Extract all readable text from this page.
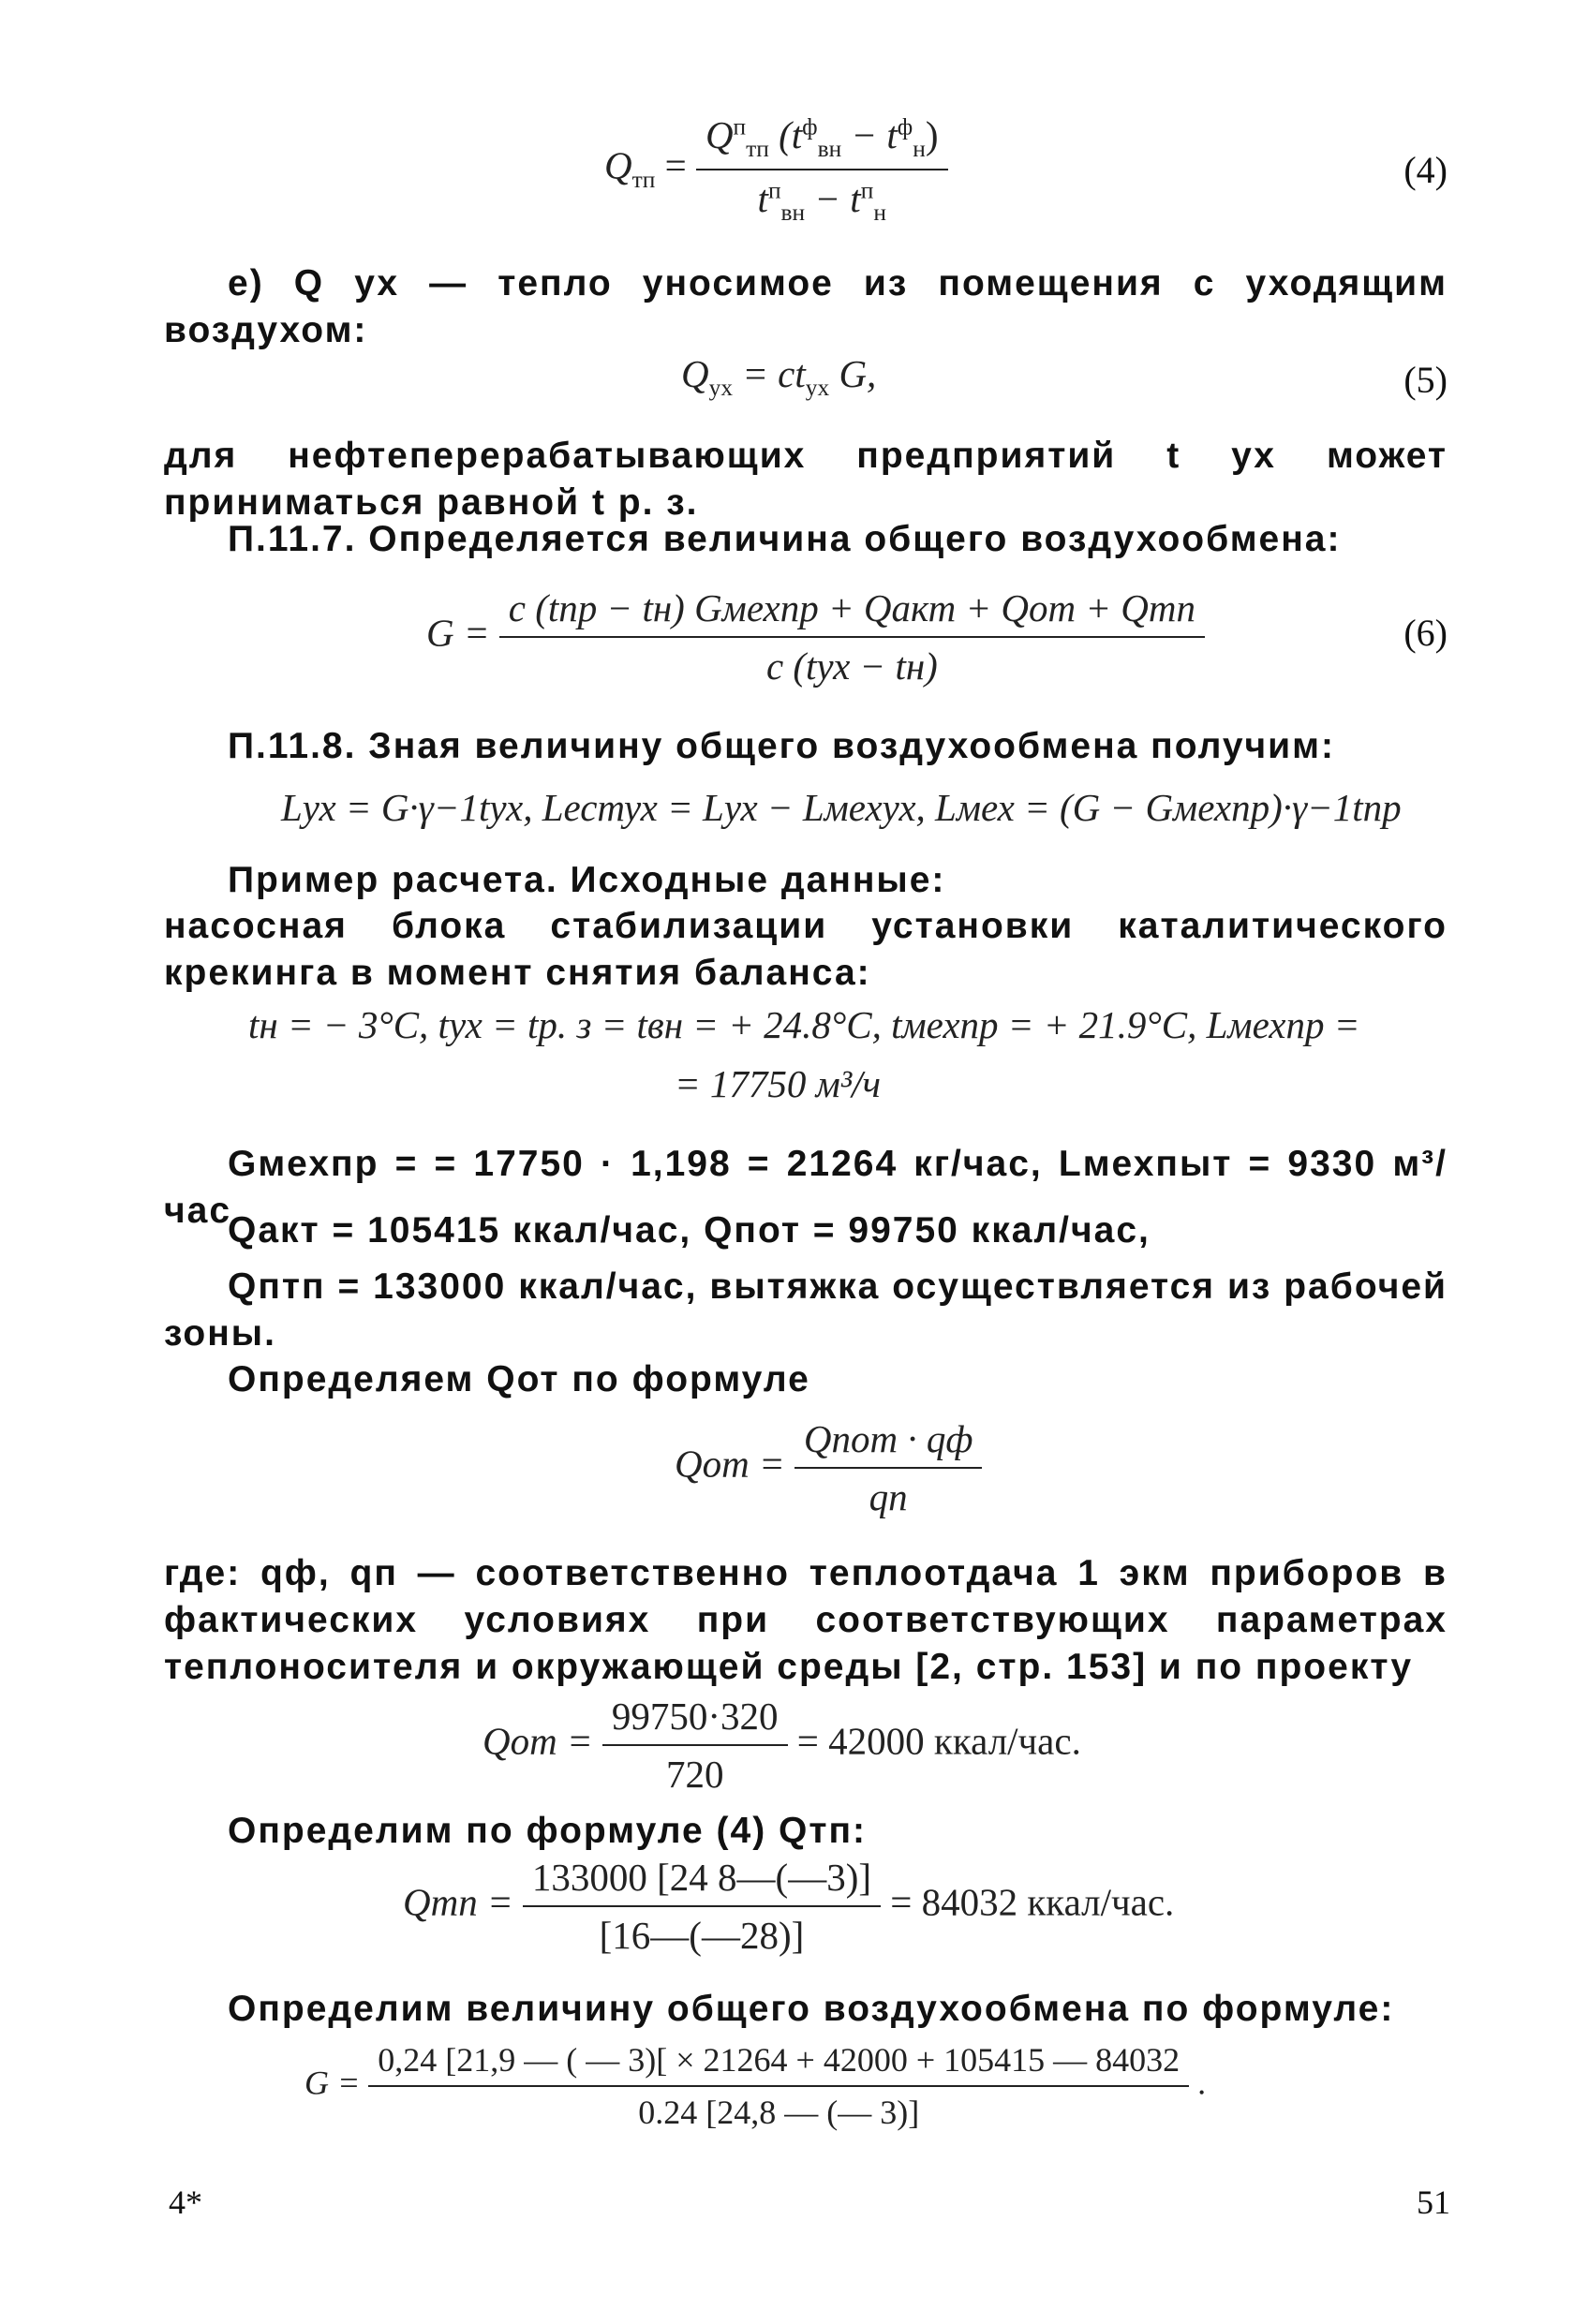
$Q_{тп} = \frac{Q^п_{тп} (t^ф_{вн} - t^ф_н)}{t^п_{вн} - t^п_н}$	(4)
е) Q ух — тепло уносимое из помещения с уходящим воздухом:
$Q_{ух} = ct_{ух}$ G,	(5)
для нефтеперерабатывающих предприятий t ух может приниматься равной t р. з.
П.11.7. Определяется величина общего воздухообмена:
$G = \frac{\text{c (tпр − tн) Gмехпр + Qакт + Qот + Qтп}}{\text{c (tух − tн)}}$	(6)
П.11.8. Зная величину общего воздухообмена получим:
Lух = G·γ−1tух, Lестух = Lух − Lмехух, Lмех = (G − Gмехпр)·γ−1tпр
Пример расчета. Исходные данные:
насосная блока стабилизации установки каталитического крекинга в момент снятия баланса:
tн = − 3°С, tух = tр. з = tвн = + 24.8°С, tмехпр = + 21.9°С, Lмехпр =
= 17750 м³/ч
Gмехпр = = 17750 · 1,198 = 21264 кг/час, Lмехпыт = 9330 м³/час
Qакт = 105415 ккал/час, Qпот = 99750 ккал/час,
Qптп = 133000 ккал/час, вытяжка осуществляется из рабочей зоны.
Определяем Qот по формуле
Qот = $\frac{\text{Qпот · qф}}{qп}$
где: qф, qп — соответственно теплоотдача 1 экм приборов в фактических условиях при соответствующих параметрах теплоносителя и окружающей среды [2, стр. 153] и по проекту
Qот = $\frac{99750\cdot 320}{720} = 42000$ ккал/час.
Определим по формуле (4) Qтп:
Qтп = $\frac{133000 [24 8—(—3)]}{[16—(—28)]} = 84032$ ккал/час.
Определим величину общего воздухообмена по формуле:
$G = \frac{0,24 [21,9 — ( — 3)[ \times 21264 + 42000 + 105415 — 84032}{0.24 [24,8 — (— 3)]}$ .
4*	51
